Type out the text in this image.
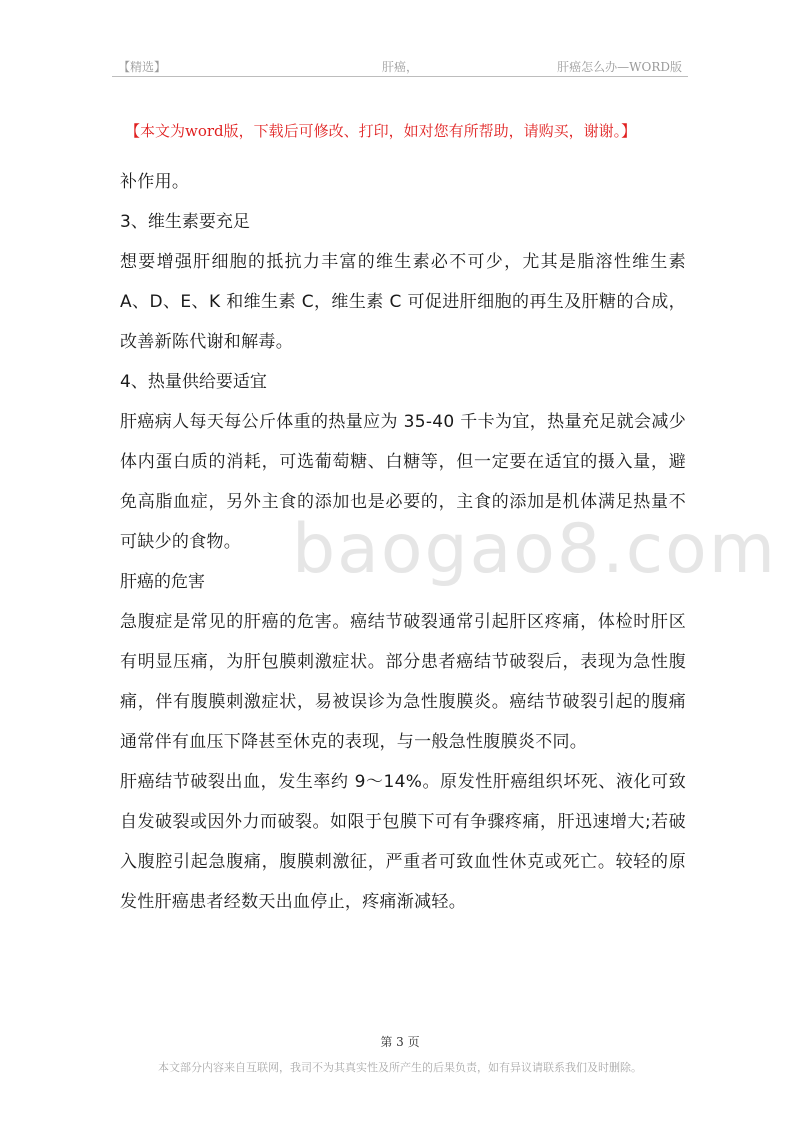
【精选】	肝癌，	肝癌怎么办—WORD版
【本文为word版，下载后可修改、打印，如对您有所帮助，请购买，谢谢。】
baogao8.com

补作用。

3、维生素要充足

想要增强肝细胞的抵抗力丰富的维生素必不可少，尤其是脂溶性维生素 A、D、E、K 和维生素 C，维生素 C 可促进肝细胞的再生及肝糖的合成，改善新陈代谢和解毒。

4、热量供给要适宜

肝癌病人每天每公斤体重的热量应为 35-40 千卡为宜，热量充足就会减少体内蛋白质的消耗，可选葡萄糖、白糖等，但一定要在适宜的摄入量，避免高脂血症，另外主食的添加也是必要的，主食的添加是机体满足热量不可缺少的食物。

肝癌的危害

急腹症是常见的肝癌的危害。癌结节破裂通常引起肝区疼痛，体检时肝区有明显压痛，为肝包膜刺激症状。部分患者癌结节破裂后，表现为急性腹痛，伴有腹膜刺激症状，易被误诊为急性腹膜炎。癌结节破裂引起的腹痛通常伴有血压下降甚至休克的表现，与一般急性腹膜炎不同。

肝癌结节破裂出血，发生率约 9～14%。原发性肝癌组织坏死、液化可致自发破裂或因外力而破裂。如限于包膜下可有争骤疼痛，肝迅速增大;若破入腹腔引起急腹痛，腹膜刺激征，严重者可致血性休克或死亡。较轻的原发性肝癌患者经数天出血停止，疼痛渐减轻。

第 3 页
本文部分内容来自互联网，我司不为其真实性及所产生的后果负责，如有异议请联系我们及时删除。
